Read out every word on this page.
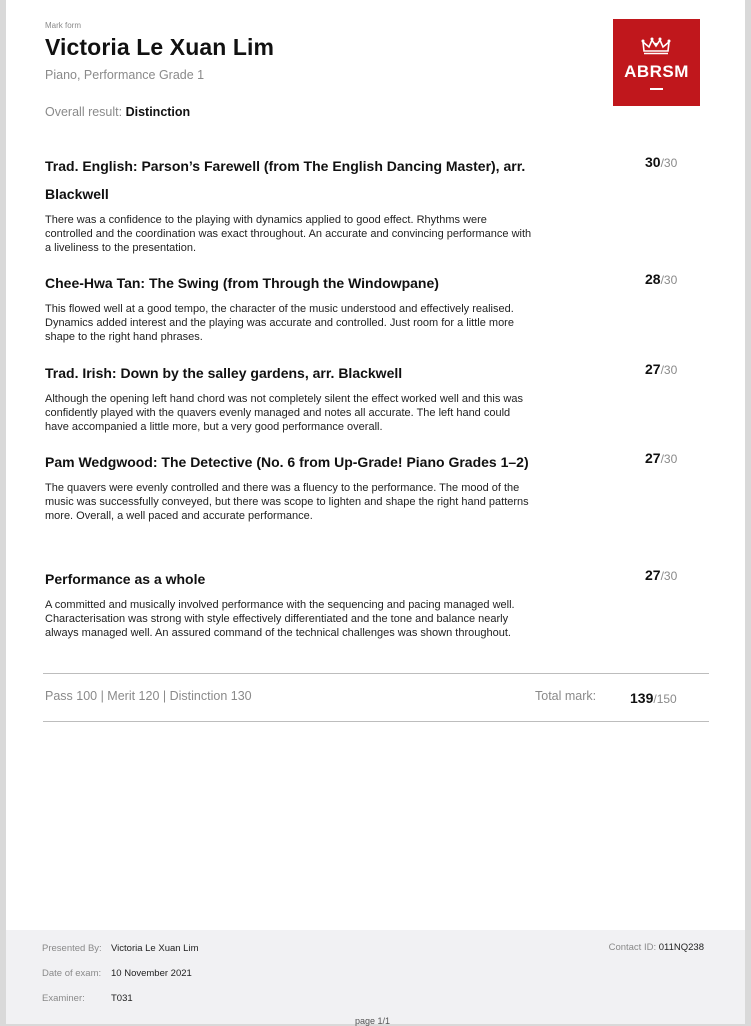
Mark form
Victoria Le Xuan Lim
Piano, Performance Grade 1
Overall result: Distinction
ABRSM
Trad. English: Parson’s Farewell (from The English Dancing Master), arr. Blackwell
There was a confidence to the playing with dynamics applied to good effect. Rhythms were controlled and the coordination was exact throughout. An accurate and convincing performance with a liveliness to the presentation.
30/30
Chee-Hwa Tan: The Swing (from Through the Windowpane)
This flowed well at a good tempo, the character of the music understood and effectively realised. Dynamics added interest and the playing was accurate and controlled. Just room for a little more shape to the right hand phrases.
28/30
Trad. Irish: Down by the salley gardens, arr. Blackwell
Although the opening left hand chord was not completely silent the effect worked well and this was confidently played with the quavers evenly managed and notes all accurate. The left hand could have accompanied a little more, but a very good performance overall.
27/30
Pam Wedgwood: The Detective (No. 6 from Up-Grade! Piano Grades 1–2)
The quavers were evenly controlled and there was a fluency to the performance. The mood of the music was successfully conveyed, but there was scope to lighten and shape the right hand patterns more. Overall, a well paced and accurate performance.
27/30
Performance as a whole
A committed and musically involved performance with the sequencing and pacing managed well. Characterisation was strong with style effectively differentiated and the tone and balance nearly always managed well. An assured command of the technical challenges was shown throughout.
27/30
Pass 100 | Merit 120 | Distinction 130	Total mark: 139/150
Presented By: Victoria Le Xuan Lim
Date of exam: 10 November 2021
Examiner:	T031
Contact ID: 011NQ238
page 1/1
